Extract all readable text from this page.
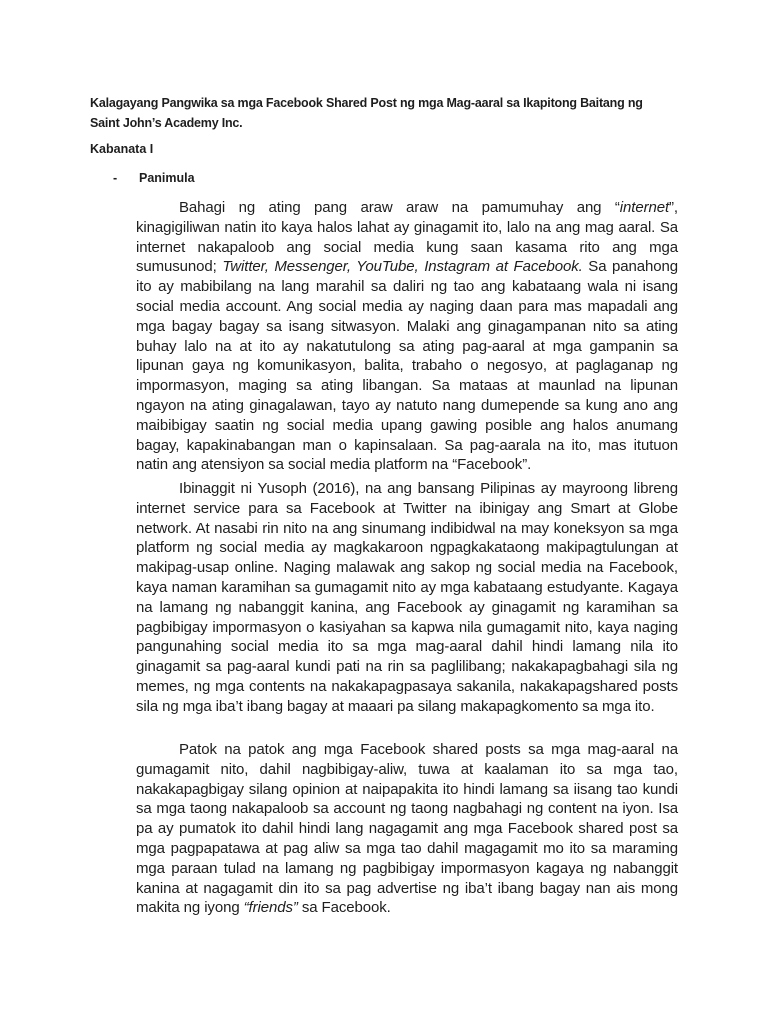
Kalagayang Pangwika sa mga Facebook Shared Post ng mga Mag-aaral sa Ikapitong Baitang ng Saint John’s Academy Inc.

Kabanata I

-	Panimula

Bahagi ng ating pang araw araw na pamumuhay ang “internet”, kinagigiliwan natin ito kaya halos lahat ay ginagamit ito, lalo na ang mag aaral. Sa internet nakapaloob ang social media kung saan kasama rito ang mga sumusunod; Twitter, Messenger, YouTube, Instagram at Facebook. Sa panahong ito ay mabibilang na lang marahil sa daliri ng tao ang kabataang wala ni isang social media account. Ang social media ay naging daan para mas mapadali ang mga bagay bagay sa isang sitwasyon. Malaki ang ginagampanan nito sa ating buhay lalo na at ito ay nakatutulong sa ating pag-aaral at mga gampanin sa lipunan gaya ng komunikasyon, balita, trabaho o negosyo, at paglaganap ng impormasyon, maging sa ating libangan. Sa mataas at maunlad na lipunan ngayon na ating ginagalawan, tayo ay natuto nang dumepende sa kung ano ang maibibigay saatin ng social media upang gawing posible ang halos anumang bagay, kapakinabangan man o kapinsalaan. Sa pag-aarala na ito, mas itutuon natin ang atensiyon sa social media platform na “Facebook”.

Ibinaggit ni Yusoph (2016), na ang bansang Pilipinas ay mayroong libreng internet service para sa Facebook at Twitter na ibinigay ang Smart at Globe network. At nasabi rin nito na ang sinumang indibidwal na may koneksyon sa mga platform ng social media ay magkakaroon ngpagkakataong makipagtulungan at makipag-usap online. Naging malawak ang sakop ng social media na Facebook, kaya naman karamihan sa gumagamit nito ay mga kabataang estudyante. Kagaya na lamang ng nabanggit kanina, ang Facebook ay ginagamit ng karamihan sa pagbibigay impormasyon o kasiyahan sa kapwa nila gumagamit nito, kaya naging pangunahing social media ito sa mga mag-aaral dahil hindi lamang nila ito ginagamit sa pag-aaral kundi pati na rin sa paglilibang; nakakapagbahagi sila ng memes, ng mga contents na nakakapagpasaya sakanila, nakakapagshared posts sila ng mga iba’t ibang bagay at maaari pa silang makapagkomento sa mga ito.

Patok na patok ang mga Facebook shared posts sa mga mag-aaral na gumagamit nito, dahil nagbibigay-aliw, tuwa at kaalaman ito sa mga tao, nakakapagbigay silang opinion at naipapakita ito hindi lamang sa iisang tao kundi sa mga taong nakapaloob sa account ng taong nagbahagi ng content na iyon. Isa pa ay pumatok ito dahil hindi lang nagagamit ang mga Facebook shared post sa mga pagpapatawa at pag aliw sa mga tao dahil magagamit mo ito sa maraming mga paraan tulad na lamang ng pagbibigay impormasyon kagaya ng nabanggit kanina at nagagamit din ito sa pag advertise ng iba’t ibang bagay nan ais mong makita ng iyong “friends” sa Facebook.
